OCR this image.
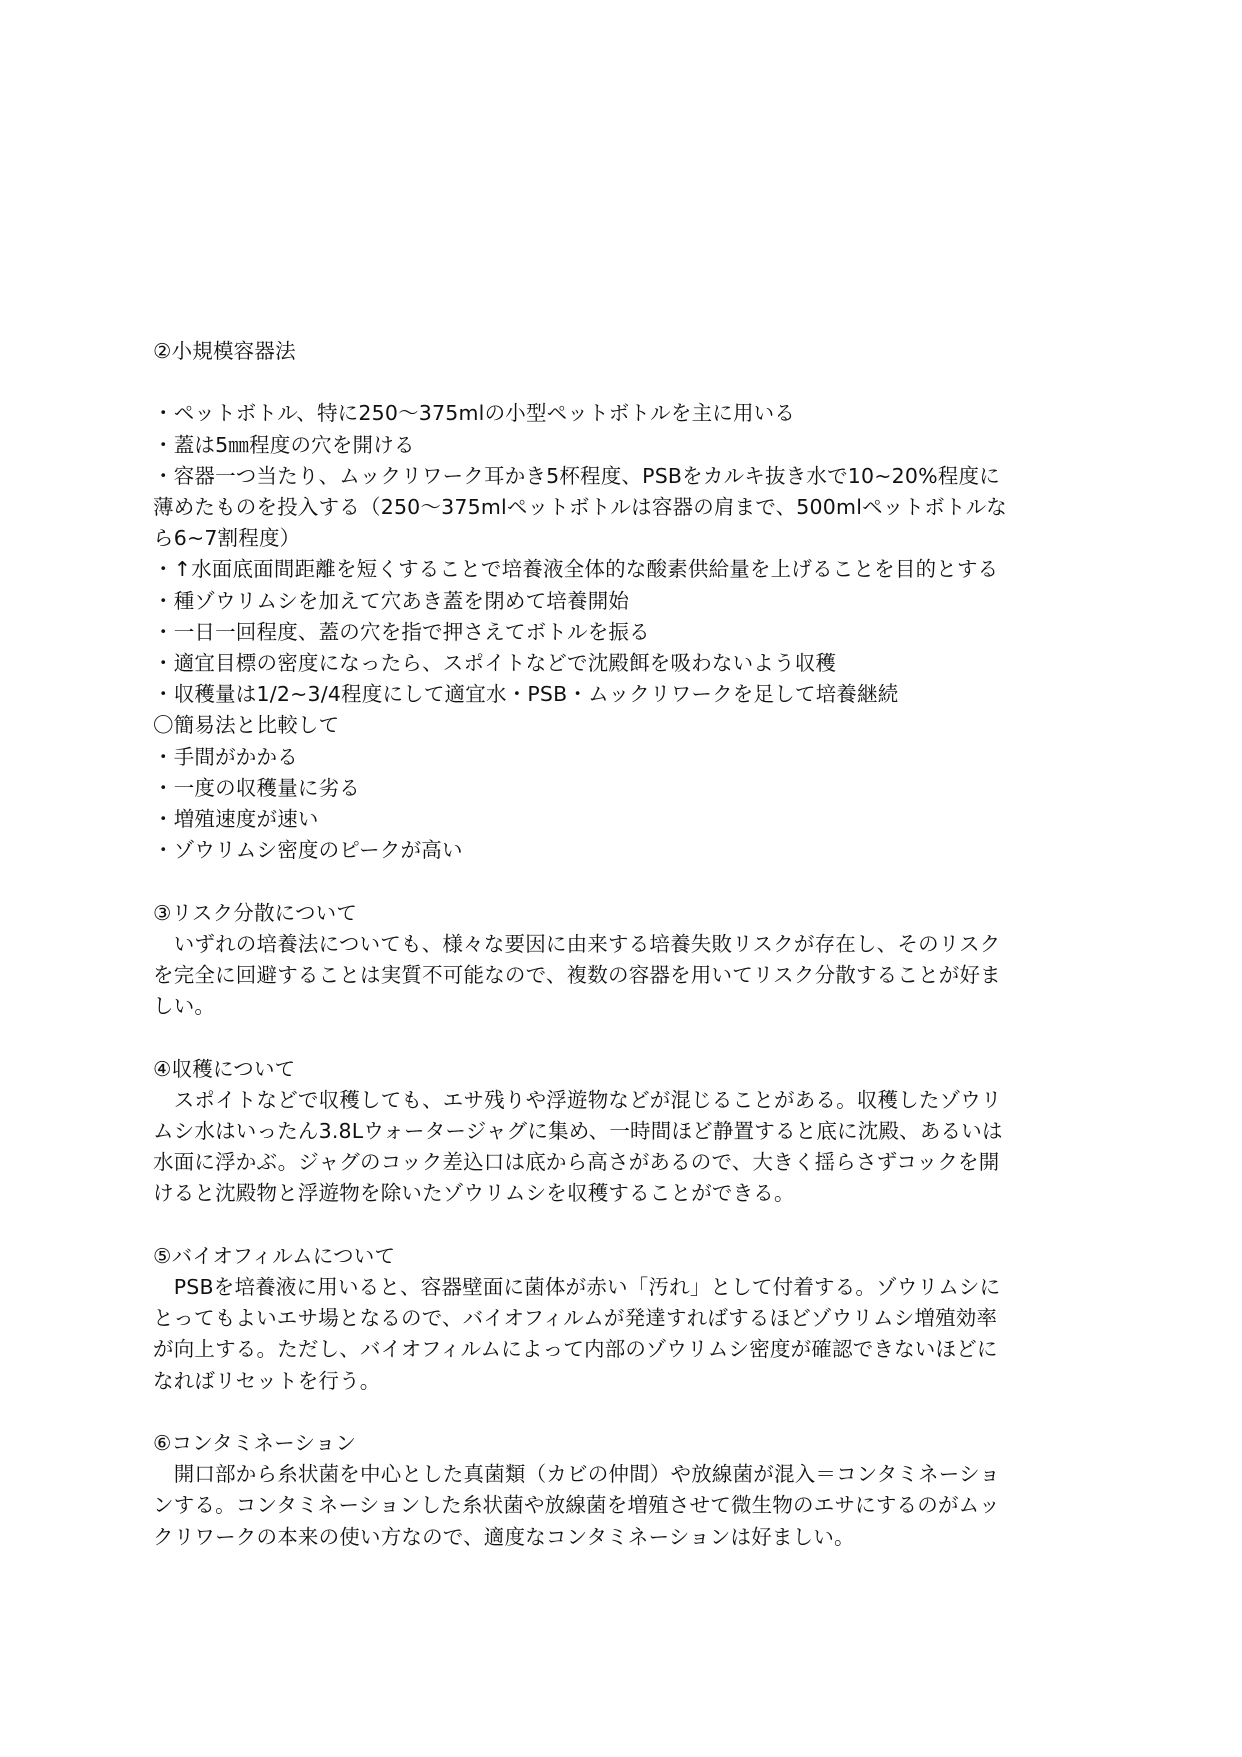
②小規模容器法
・ペットボトル、特に250～375mlの小型ペットボトルを主に用いる
・蓋は5㎜程度の穴を開ける
・容器一つ当たり、ムックリワーク耳かき5杯程度、PSBをカルキ抜き水で10~20%程度に
薄めたものを投入する（250～375mlペットボトルは容器の肩まで、500mlペットボトルな
ら6~7割程度）
・↑水面底面間距離を短くすることで培養液全体的な酸素供給量を上げることを目的とする
・種ゾウリムシを加えて穴あき蓋を閉めて培養開始
・一日一回程度、蓋の穴を指で押さえてボトルを振る
・適宜目標の密度になったら、スポイトなどで沈殿餌を吸わないよう収穫
・収穫量は1/2~3/4程度にして適宜水・PSB・ムックリワークを足して培養継続
〇簡易法と比較して
・手間がかかる
・一度の収穫量に劣る
・増殖速度が速い
・ゾウリムシ密度のピークが高い
③リスク分散について
　いずれの培養法についても、様々な要因に由来する培養失敗リスクが存在し、そのリスク
を完全に回避することは実質不可能なので、複数の容器を用いてリスク分散することが好ま
しい。
④収穫について
　スポイトなどで収穫しても、エサ残りや浮遊物などが混じることがある。収穫したゾウリ
ムシ水はいったん3.8Lウォータージャグに集め、一時間ほど静置すると底に沈殿、あるいは
水面に浮かぶ。ジャグのコック差込口は底から高さがあるので、大きく揺らさずコックを開
けると沈殿物と浮遊物を除いたゾウリムシを収穫することができる。
⑤バイオフィルムについて
　PSBを培養液に用いると、容器壁面に菌体が赤い「汚れ」として付着する。ゾウリムシに
とってもよいエサ場となるので、バイオフィルムが発達すればするほどゾウリムシ増殖効率
が向上する。ただし、バイオフィルムによって内部のゾウリムシ密度が確認できないほどに
なればリセットを行う。
⑥コンタミネーション
　開口部から糸状菌を中心とした真菌類（カビの仲間）や放線菌が混入＝コンタミネーショ
ンする。コンタミネーションした糸状菌や放線菌を増殖させて微生物のエサにするのがムッ
クリワークの本来の使い方なので、適度なコンタミネーションは好ましい。
